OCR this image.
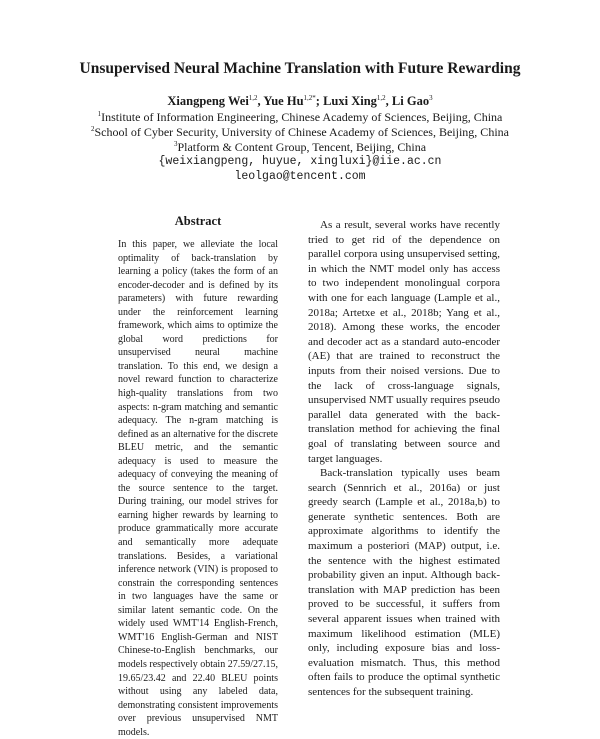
Unsupervised Neural Machine Translation with Future Rewarding
Xiangpeng Wei$^{1,2}$, Yue $Hu^{1,2*}$; Luxi Xing$^{1,2}$, Li Gao$^3$
$^1$Institute of Information Engineering, Chinese Academy of Sciences, Beijing, China
$^2$School of Cyber Security, University of Chinese Academy of Sciences, Beijing, China
$^3$Platform & Content Group, Tencent, Beijing, China
{weixiangpeng, huyue, xingluxi}@iie.ac.cn
leolgao@tencent.com
Abstract
In this paper, we alleviate the local optimality of back-translation by learning a policy (takes the form of an encoder-decoder and is defined by its parameters) with future rewarding under the reinforcement learning framework, which aims to optimize the global word predictions for unsupervised neural machine translation. To this end, we design a novel reward function to characterize high-quality translations from two aspects: n-gram matching and semantic adequacy. The n-gram matching is defined as an alternative for the discrete BLEU metric, and the semantic adequacy is used to measure the adequacy of conveying the meaning of the source sentence to the target. During training, our model strives for earning higher rewards by learning to produce grammatically more accurate and semantically more adequate translations. Besides, a variational inference network (VIN) is proposed to constrain the corresponding sentences in two languages have the same or similar latent semantic code. On the widely used WMT'14 English-French, WMT'16 English-German and NIST Chinese-to-English benchmarks, our models respectively obtain 27.59/27.15, 19.65/23.42 and 22.40 BLEU points without using any labeled data, demonstrating consistent improvements over previous unsupervised NMT models.

As a result, several works have recently tried to get rid of the dependence on parallel corpora using unsupervised setting, in which the NMT model only has access to two independent monolingual corpora with one for each language (Lample et al., 2018a; Artetxe et al., 2018b; Yang et al., 2018). Among these works, the encoder and decoder act as a standard auto-encoder (AE) that are trained to reconstruct the inputs from their noised versions. Due to the lack of cross-language signals, unsupervised NMT usually requires pseudo parallel data generated with the back-translation method for achieving the final goal of translating between source and target languages.

Back-translation typically uses beam search (Sennrich et al., 2016a) or just greedy search (Lample et al., 2018a,b) to generate synthetic sentences. Both are approximate algorithms to identify the maximum a posteriori (MAP) output, i.e. the sentence with the highest estimated probability given an input. Although back-translation with MAP prediction has been proved to be successful, it suffers from several apparent issues when trained with maximum likelihood estimation (MLE) only, including exposure bias and loss-evaluation mismatch. Thus, this method often fails to produce the optimal synthetic sentences for the subsequent training.
